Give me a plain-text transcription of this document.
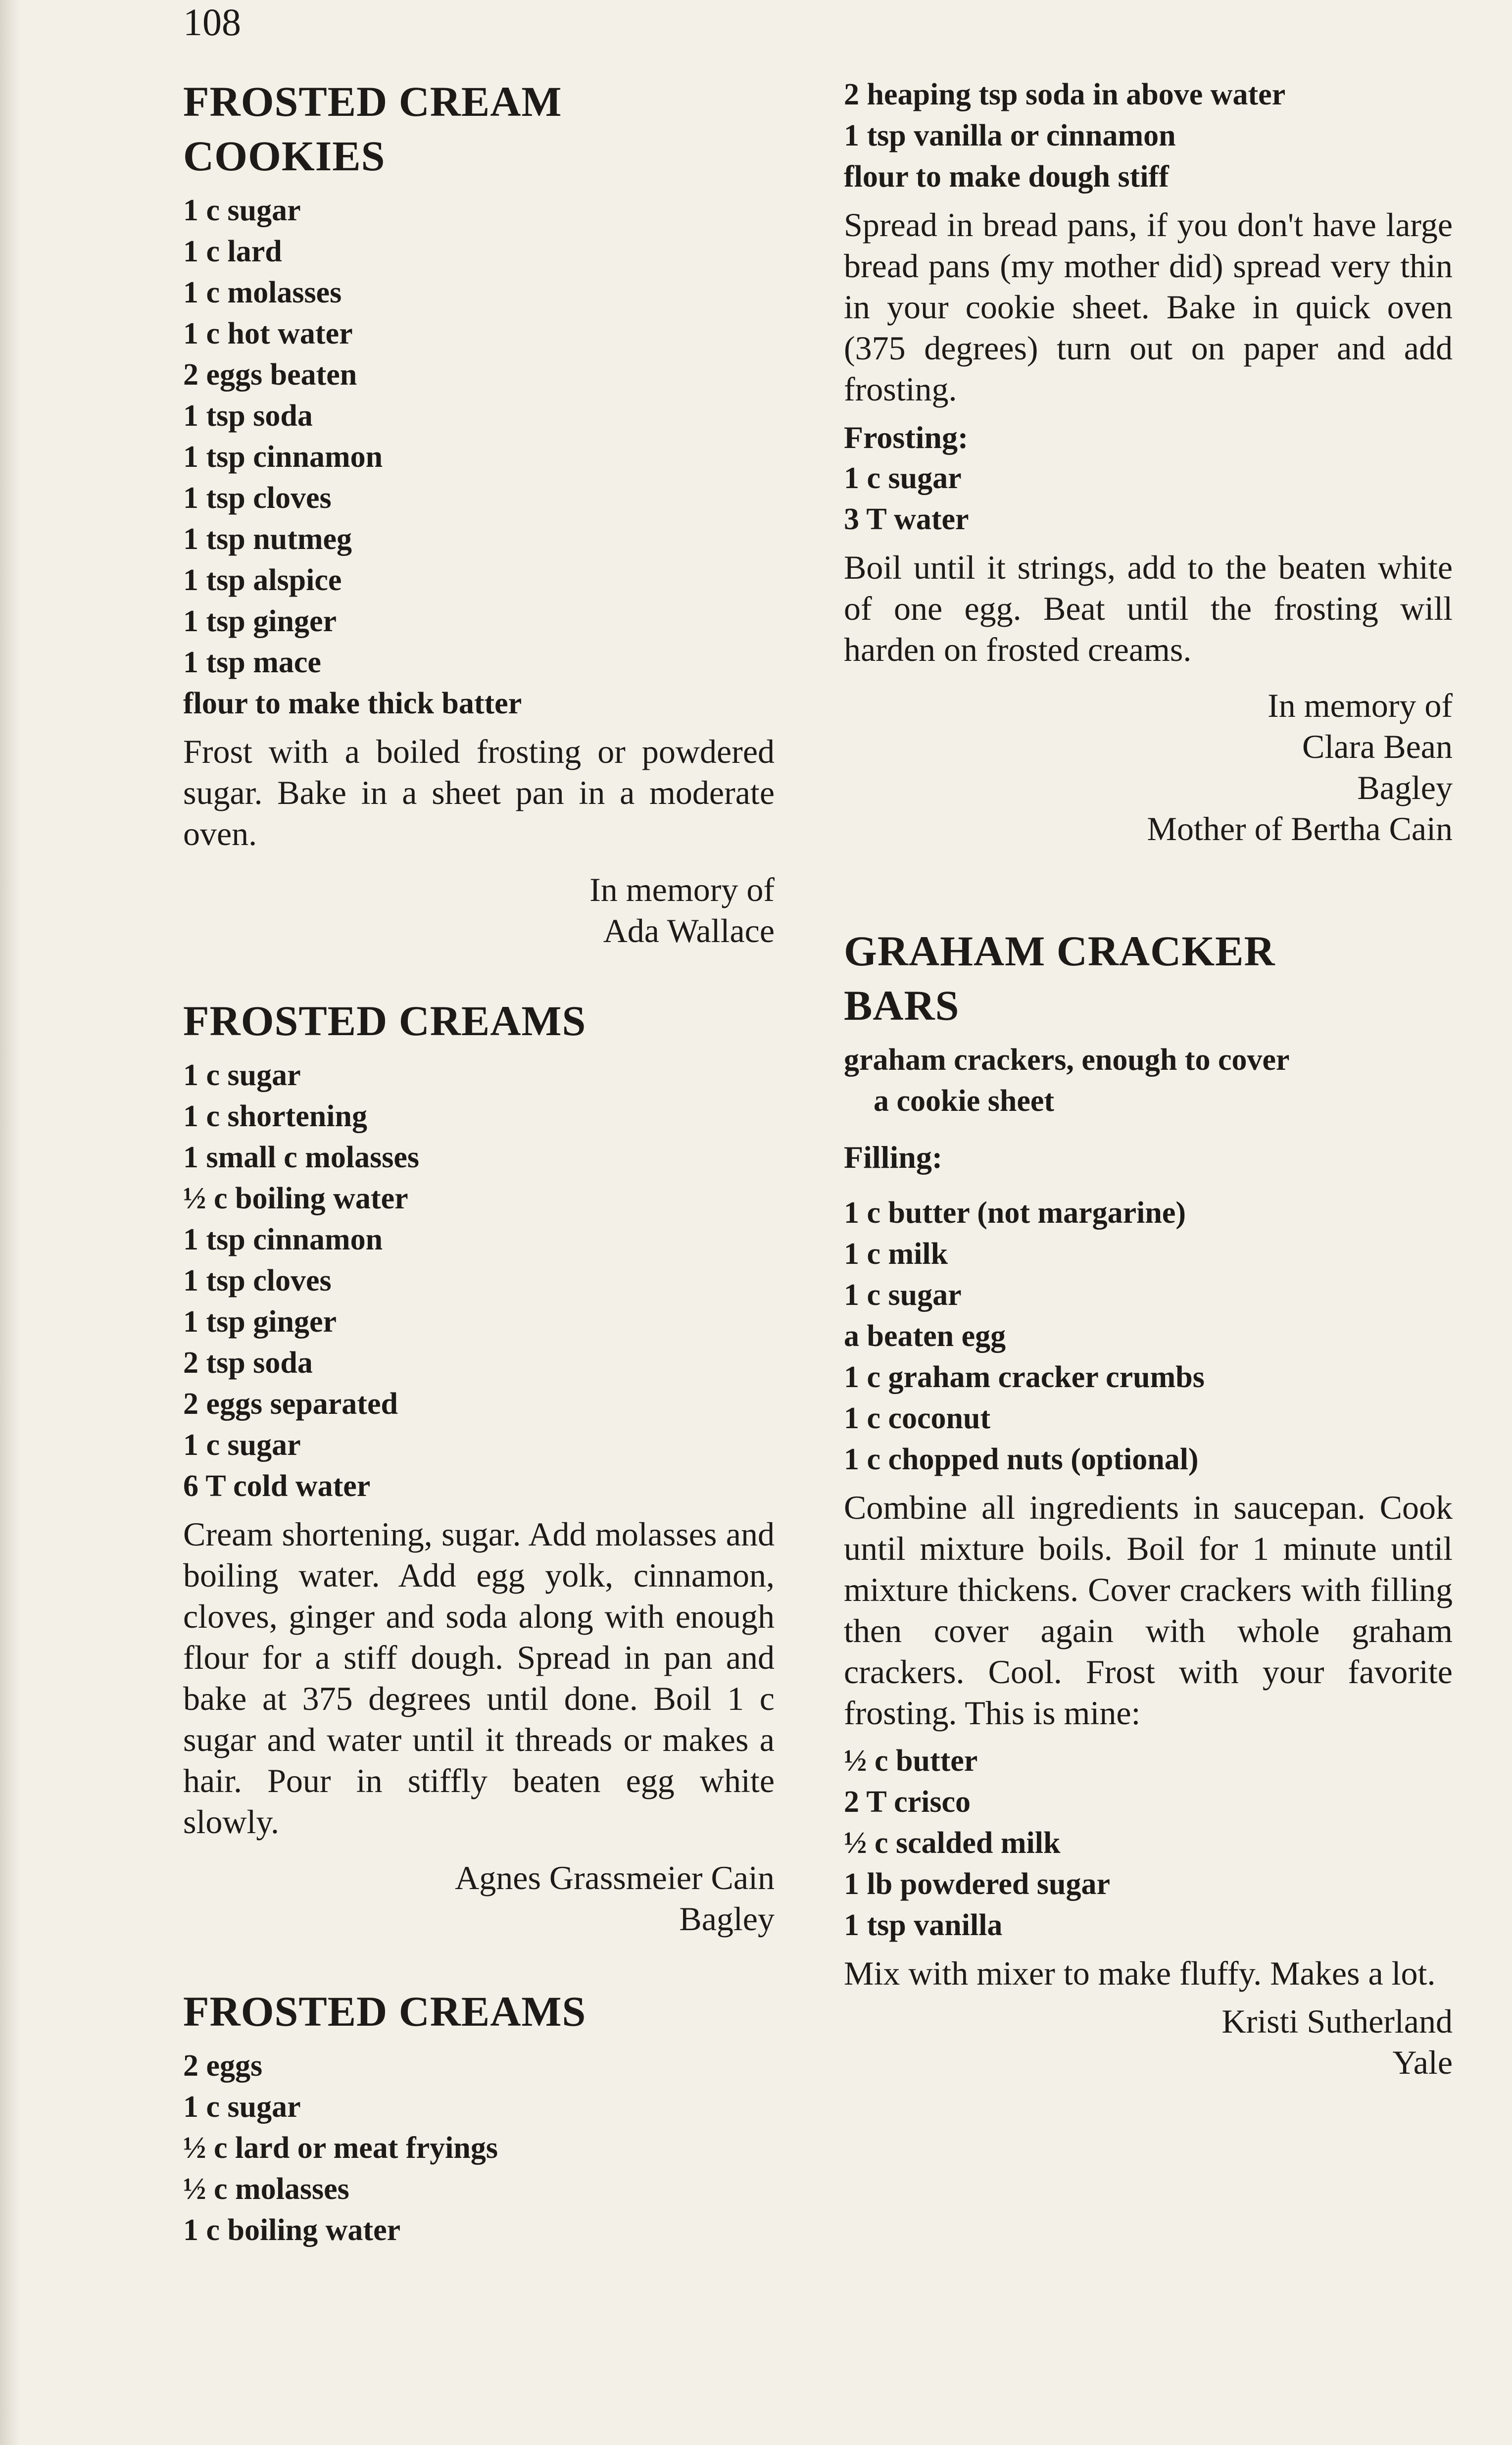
108
FROSTED CREAM
COOKIES
1 c sugar
1 c lard
1 c molasses
1 c hot water
2 eggs beaten
1 tsp soda
1 tsp cinnamon
1 tsp cloves
1 tsp nutmeg
1 tsp alspice
1 tsp ginger
1 tsp mace
flour to make thick batter

Frost with a boiled frosting or powdered sugar. Bake in a sheet pan in a moderate oven.

In memory of
Ada Wallace
FROSTED CREAMS
1 c sugar
1 c shortening
1 small c molasses
½ c boiling water
1 tsp cinnamon
1 tsp cloves
1 tsp ginger
2 tsp soda
2 eggs separated
1 c sugar
6 T cold water

Cream shortening, sugar. Add molasses and boiling water. Add egg yolk, cinnamon, cloves, ginger and soda along with enough flour for a stiff dough. Spread in pan and bake at 375 degrees until done. Boil 1 c sugar and water until it threads or makes a hair. Pour in stiffly beaten egg white slowly.

Agnes Grassmeier Cain
Bagley
FROSTED CREAMS
2 eggs
1 c sugar
½ c lard or meat fryings
½ c molasses
1 c boiling water
2 heaping tsp soda in above water
1 tsp vanilla or cinnamon
flour to make dough stiff

Spread in bread pans, if you don't have large bread pans (my mother did) spread very thin in your cookie sheet. Bake in quick oven (375 degrees) turn out on paper and add frosting.

Frosting:

1 c sugar
3 T water

Boil until it strings, add to the beaten white of one egg. Beat until the frosting will harden on frosted creams.

In memory of
Clara Bean
Bagley
Mother of Bertha Cain
GRAHAM CRACKER
BARS
graham crackers, enough to cover
a cookie sheet

Filling:

1 c butter (not margarine)
1 c milk
1 c sugar
a beaten egg
1 c graham cracker crumbs
1 c coconut
1 c chopped nuts (optional)

Combine all ingredients in saucepan. Cook until mixture boils. Boil for 1 minute until mixture thickens. Cover crackers with filling then cover again with whole graham crackers. Cool. Frost with your favorite frosting. This is mine:

½ c butter
2 T crisco
½ c scalded milk
1 lb powdered sugar
1 tsp vanilla

Mix with mixer to make fluffy. Makes a lot.

Kristi Sutherland
Yale
